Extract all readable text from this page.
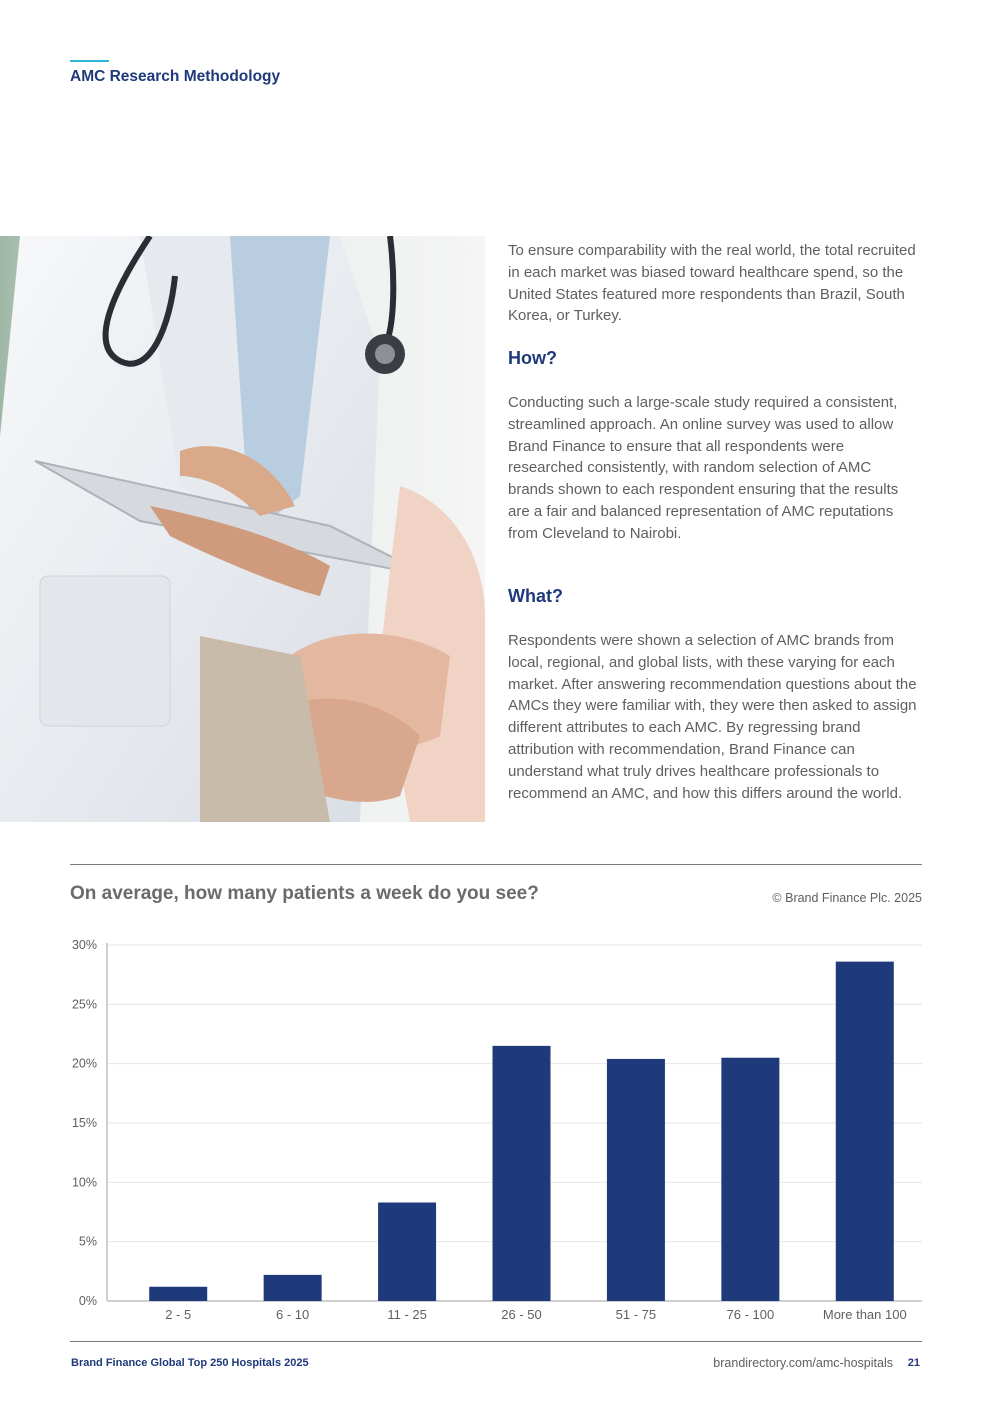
AMC Research Methodology

To ensure comparability with the real world, the total recruited in each market was biased toward healthcare spend, so the United States featured more respondents than Brazil, South Korea, or Turkey.

How?

Conducting such a large-scale study required a consistent, streamlined approach. An online survey was used to allow Brand Finance to ensure that all respondents were researched consistently, with random selection of AMC brands shown to each respondent ensuring that the results are a fair and balanced representation of AMC reputations from Cleveland to Nairobi.

What?

Respondents were shown a selection of AMC brands from local, regional, and global lists, with these varying for each market. After answering recommendation questions about the AMCs they were familiar with, they were then asked to assign different attributes to each AMC. By regressing brand attribution with recommendation, Brand Finance can understand what truly drives healthcare professionals to recommend an AMC, and how this differs around the world.

On average, how many patients a week do you see?	© Brand Finance Plc. 2025
0%
5%
10%
15%
20%
25%
30%
2 - 5	6 - 10	11 - 25	26 - 50	51 - 75	76 - 100	More than 100
Brand Finance Global Top 250 Hospitals 2025	brandirectory.com/amc-hospitals 21
